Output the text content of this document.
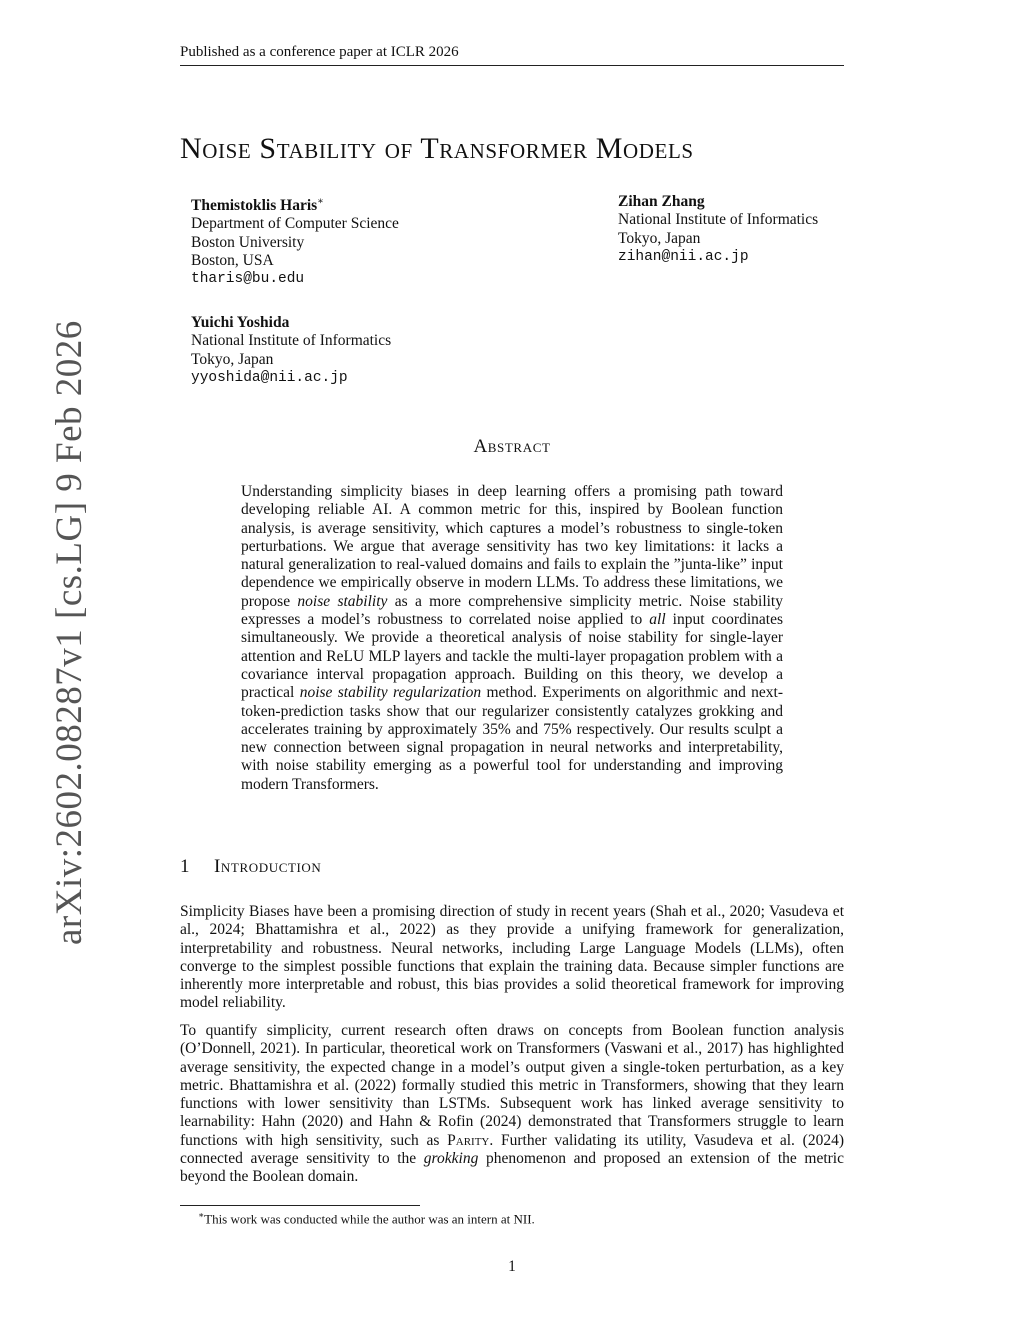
Published as a conference paper at ICLR 2026
arXiv:2602.08287v1 [cs.LG] 9 Feb 2026
Noise Stability of Transformer Models
Themistoklis Haris∗
Department of Computer Science
Boston University
Boston, USA
tharis@bu.edu
Zihan Zhang
National Institute of Informatics
Tokyo, Japan
zihan@nii.ac.jp
Yuichi Yoshida
National Institute of Informatics
Tokyo, Japan
yyoshida@nii.ac.jp
Abstract
Understanding simplicity biases in deep learning offers a promising path toward developing reliable AI. A common metric for this, inspired by Boolean function analysis, is average sensitivity, which captures a model’s robustness to single-token perturbations. We argue that average sensitivity has two key limitations: it lacks a natural generalization to real-valued domains and fails to explain the ”junta-like” input dependence we empirically observe in modern LLMs. To address these limitations, we propose noise stability as a more comprehensive simplicity metric. Noise stability expresses a model’s robustness to correlated noise applied to all input coordinates simultaneously. We provide a theoretical analysis of noise stability for single-layer attention and ReLU MLP layers and tackle the multi-layer propagation problem with a covariance interval propagation approach. Building on this theory, we develop a practical noise stability regularization method. Experiments on algorithmic and next-token-prediction tasks show that our regularizer consistently catalyzes grokking and accelerates training by approximately 35% and 75% respectively. Our results sculpt a new connection between signal propagation in neural networks and interpretability, with noise stability emerging as a powerful tool for understanding and improving modern Transformers.
1 Introduction

Simplicity Biases have been a promising direction of study in recent years (Shah et al., 2020; Vasudeva et al., 2024; Bhattamishra et al., 2022) as they provide a unifying framework for generalization, interpretability and robustness. Neural networks, including Large Language Models (LLMs), often converge to the simplest possible functions that explain the training data. Because simpler functions are inherently more interpretable and robust, this bias provides a solid theoretical framework for improving model reliability.

To quantify simplicity, current research often draws on concepts from Boolean function analysis (O’Donnell, 2021). In particular, theoretical work on Transformers (Vaswani et al., 2017) has highlighted average sensitivity, the expected change in a model’s output given a single-token perturbation, as a key metric. Bhattamishra et al. (2022) formally studied this metric in Transformers, showing that they learn functions with lower sensitivity than LSTMs. Subsequent work has linked average sensitivity to learnability: Hahn (2020) and Hahn & Rofin (2024) demonstrated that Transformers struggle to learn functions with high sensitivity, such as Parity. Further validating its utility, Vasudeva et al. (2024) connected average sensitivity to the grokking phenomenon and proposed an extension of the metric beyond the Boolean domain.

∗This work was conducted while the author was an intern at NII.
1
